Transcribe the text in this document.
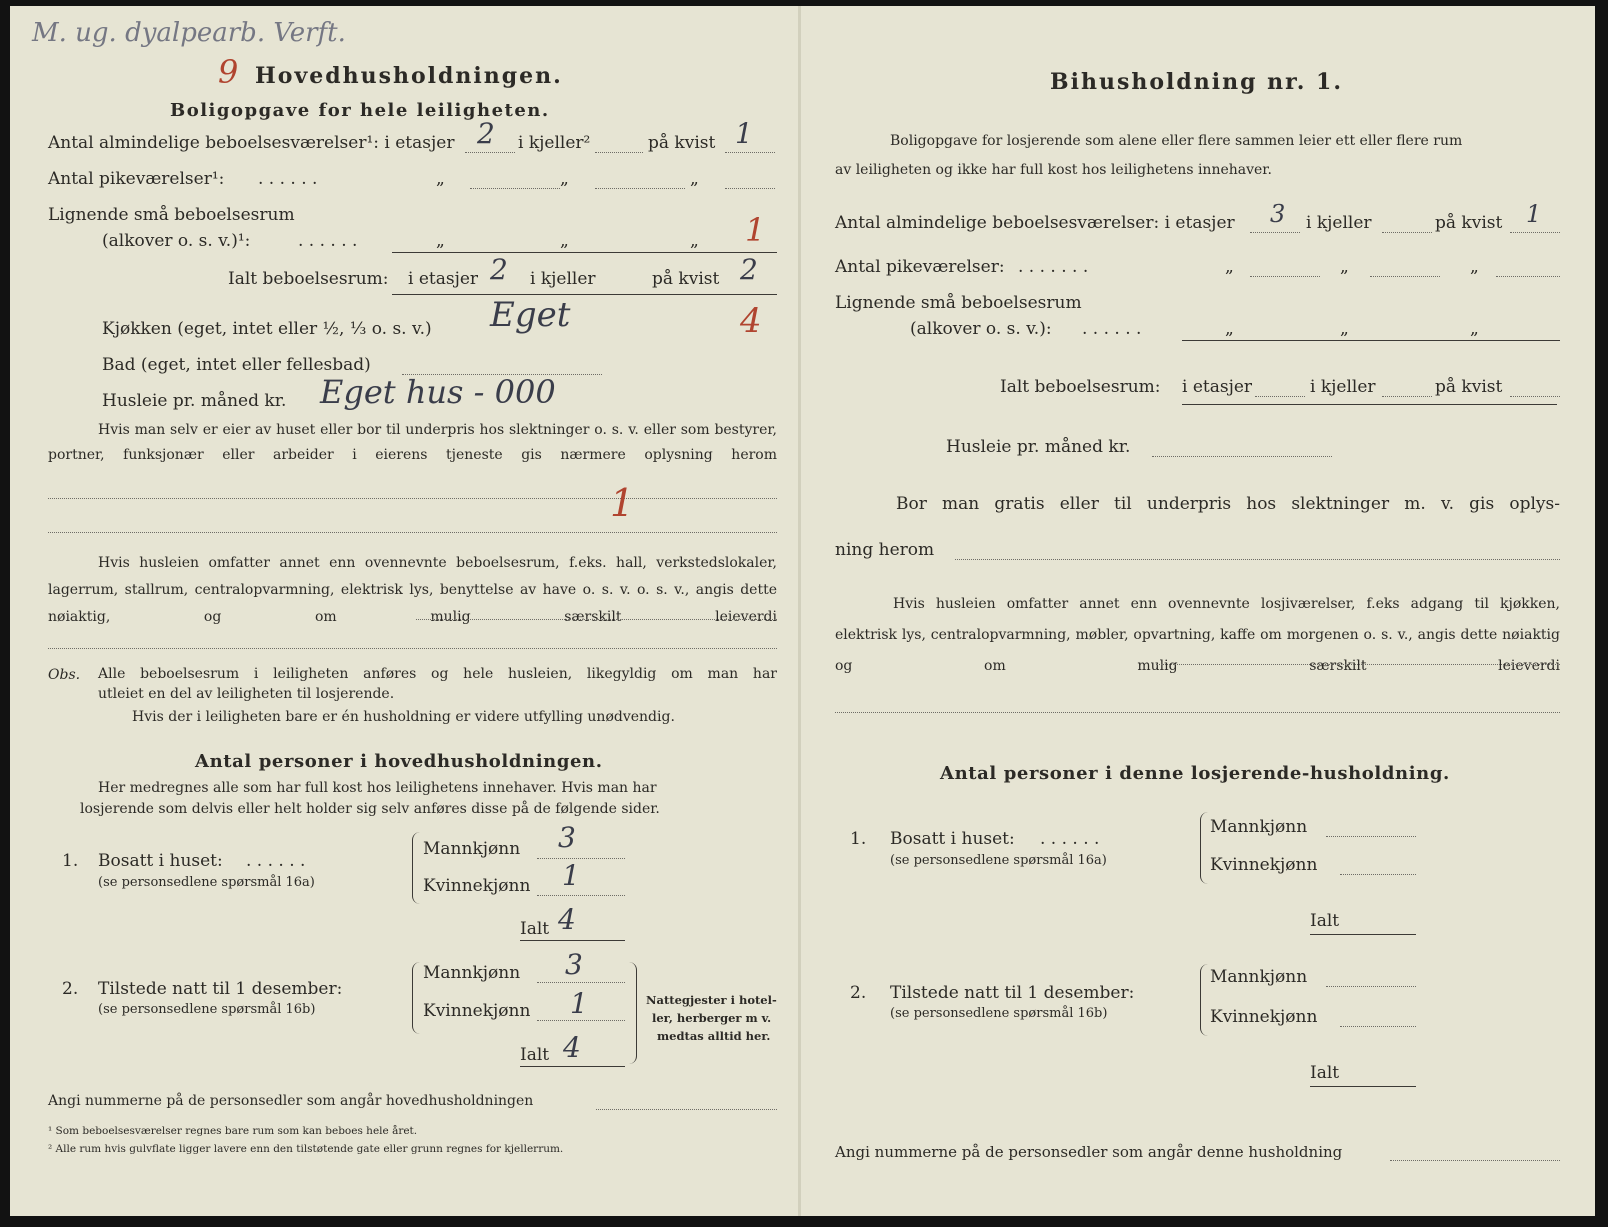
M. ug. dyalpearb. Verft.
9 Hovedhusholdningen.
Boligopgave for hele leiligheten.
Antal almindelige beboelsesværelser¹: i etasjer 2 i kjeller²	på kvist 1
Antal pikeværelser¹: . . . . . .	„	„	„
Lignende små beboelsesrum
(alkover o. s. v.)¹:	. . . . . .	„	„	„ 1
Ialt beboelsesrum: i etasjer 2 i kjeller	på kvist 2
4
Kjøkken (eget, intet eller ½, ⅓ o. s. v.) Eget
Bad (eget, intet eller fellesbad)
Husleie pr. måned kr. Eget hus - 000
Hvis man selv er eier av huset eller bor til underpris hos slektninger o. s. v. eller som bestyrer, portner, funksjonær eller arbeider i eierens tjeneste gis nærmere oplysning herom
1
Hvis husleien omfatter annet enn ovennevnte beboelsesrum, f.eks. hall, verkstedslokaler, lagerrum, stallrum, centralopvarmning, elektrisk lys, benyttelse av have o. s. v. o. s. v., angis dette nøiaktig, og om mulig særskilt leieverdi
Obs. Alle beboelsesrum i leiligheten anføres og hele husleien, likegyldig om man har
utleiet en del av leiligheten til losjerende.
Hvis der i leiligheten bare er én husholdning er videre utfylling unødvendig.
Antal personer i hovedhusholdningen.
Her medregnes alle som har full kost hos leilighetens innehaver. Hvis man har
losjerende som delvis eller helt holder sig selv anføres disse på de følgende sider.
1. Bosatt i huset: . . . . . .
(se personsedlene spørsmål 16a)
Mannkjønn 3
Kvinnekjønn 1
Ialt 4
2. Tilstede natt til 1 desember:
(se personsedlene spørsmål 16b)
Mannkjønn 3
Kvinnekjønn 1
Ialt 4
Nattegjester i hotel-
ler, herberger m v.
medtas alltid her.
Angi nummerne på de personsedler som angår hovedhusholdningen
¹ Som beboelsesværelser regnes bare rum som kan beboes hele året.
² Alle rum hvis gulvflate ligger lavere enn den tilstøtende gate eller grunn regnes for kjellerrum.
Bihusholdning nr. 1.
Boligopgave for losjerende som alene eller flere sammen leier ett eller flere rum
av leiligheten og ikke har full kost hos leilighetens innehaver.
Antal almindelige beboelsesværelser: i etasjer 3 i kjeller	på kvist 1
Antal pikeværelser: . . . . . . .	„	„	„
Lignende små beboelsesrum
(alkover o. s. v.): . . . . . .	„	„	„
Ialt beboelsesrum: i etasjer	i kjeller	på kvist
Husleie pr. måned kr.
Bor man gratis eller til underpris hos slektninger m. v. gis oplys-
ning herom
Hvis husleien omfatter annet enn ovennevnte losjiværelser, f.eks adgang til kjøkken, elektrisk lys, centralopvarmning, møbler, opvartning, kaffe om morgenen o. s. v., angis dette nøiaktig og om mulig særskilt leieverdi
Antal personer i denne losjerende-husholdning.
1. Bosatt i huset: . . . . . .
(se personsedlene spørsmål 16a)
Mannkjønn
Kvinnekjønn
Ialt
2. Tilstede natt til 1 desember:
(se personsedlene spørsmål 16b)
Mannkjønn
Kvinnekjønn
Ialt
Angi nummerne på de personsedler som angår denne husholdning
